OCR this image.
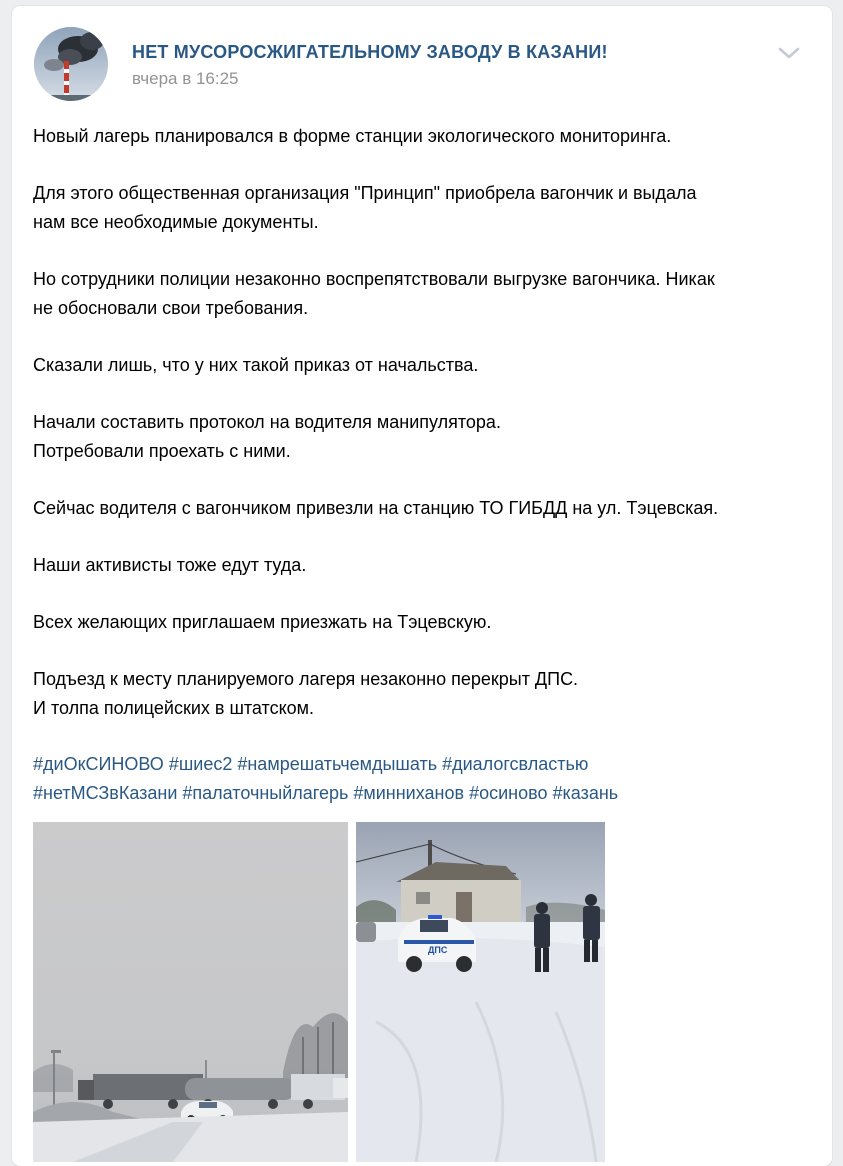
НЕТ МУСОРОСЖИГАТЕЛЬНОМУ ЗАВОДУ В КАЗАНИ!
вчера в 16:25

Новый лагерь планировался в форме станции экологического мониторинга.

Для этого общественная организация "Принцип" приобрела вагончик и выдала
нам все необходимые документы.

Но сотрудники полиции незаконно воспрепятствовали выгрузке вагончика. Никак
не обосновали свои требования.

Сказали лишь, что у них такой приказ от начальства.

Начали составить протокол на водителя манипулятора.
Потребовали проехать с ними.

Сейчас водителя с вагончиком привезли на станцию ТО ГИБДД на ул. Тэцевская.

Наши активисты тоже едут туда.

Всех желающих приглашаем приезжать на Тэцевскую.

Подъезд к месту планируемого лагеря незаконно перекрыт ДПС.
И толпа полицейских в штатском.

#диОкСИНОВО #шиес2 #намрешатьчемдышать #диалогсвластью
#нетМСЗвКазани #палаточныйлагерь #минниханов #осиново #казань
ДПС
